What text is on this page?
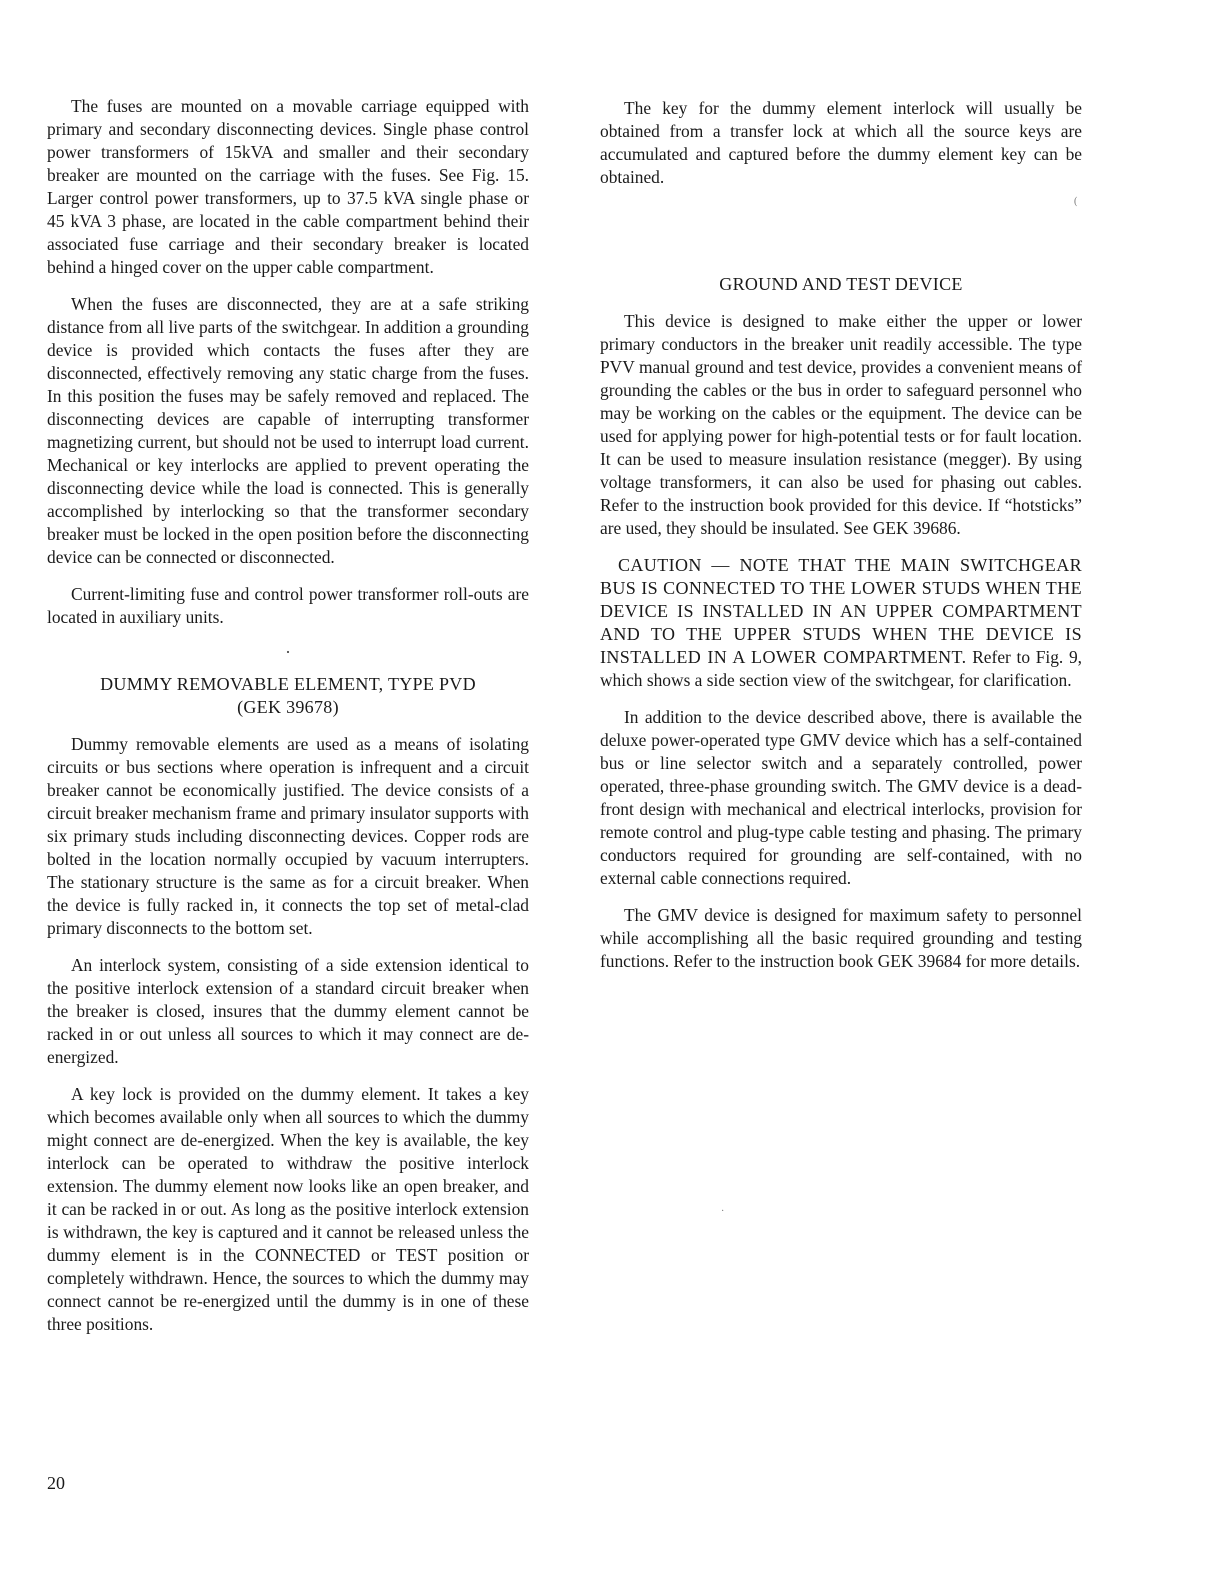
The fuses are mounted on a movable carriage equipped with primary and secondary disconnecting devices. Single phase control power transformers of 15kVA and smaller and their secondary breaker are mounted on the carriage with the fuses. See Fig. 15. Larger control power transformers, up to 37.5 kVA single phase or 45 kVA 3 phase, are located in the cable compartment behind their associated fuse carriage and their secondary breaker is located behind a hinged cover on the upper cable compartment.

When the fuses are disconnected, they are at a safe striking distance from all live parts of the switchgear. In addition a grounding device is provided which contacts the fuses after they are disconnected, effectively removing any static charge from the fuses. In this position the fuses may be safely removed and replaced. The disconnecting devices are capable of interrupting transformer magnetizing current, but should not be used to interrupt load current. Mechanical or key interlocks are applied to prevent operating the disconnecting device while the load is connected. This is generally accomplished by interlocking so that the transformer secondary breaker must be locked in the open position before the disconnecting device can be connected or disconnected.

Current-limiting fuse and control power transformer roll-outs are located in auxiliary units.

·
DUMMY REMOVABLE ELEMENT, TYPE PVD
(GEK 39678)

Dummy removable elements are used as a means of isolating circuits or bus sections where operation is infrequent and a circuit breaker cannot be economically justified. The device consists of a circuit breaker mechanism frame and primary insulator supports with six primary studs including disconnecting devices. Copper rods are bolted in the location normally occupied by vacuum interrupters. The stationary structure is the same as for a circuit breaker. When the device is fully racked in, it connects the top set of metal-clad primary disconnects to the bottom set.

An interlock system, consisting of a side extension identical to the positive interlock extension of a standard circuit breaker when the breaker is closed, insures that the dummy element cannot be racked in or out unless all sources to which it may connect are de-energized.

A key lock is provided on the dummy element. It takes a key which becomes available only when all sources to which the dummy might connect are de-energized. When the key is available, the key interlock can be operated to withdraw the positive interlock extension. The dummy element now looks like an open breaker, and it can be racked in or out. As long as the positive interlock extension is withdrawn, the key is captured and it cannot be released unless the dummy element is in the CONNECTED or TEST position or completely withdrawn. Hence, the sources to which the dummy may connect cannot be re-energized until the dummy is in one of these three positions.

The key for the dummy element interlock will usually be obtained from a transfer lock at which all the source keys are accumulated and captured before the dummy element key can be obtained.

GROUND AND TEST DEVICE

This device is designed to make either the upper or lower primary conductors in the breaker unit readily accessible. The type PVV manual ground and test device, provides a convenient means of grounding the cables or the bus in order to safeguard personnel who may be working on the cables or the equipment. The device can be used for applying power for high-potential tests or for fault location. It can be used to measure insulation resistance (megger). By using voltage transformers, it can also be used for phasing out cables. Refer to the instruction book provided for this device. If “hotsticks” are used, they should be insulated. See GEK 39686.

CAUTION — NOTE THAT THE MAIN SWITCHGEAR BUS IS CONNECTED TO THE LOWER STUDS WHEN THE DEVICE IS INSTALLED IN AN UPPER COMPARTMENT AND TO THE UPPER STUDS WHEN THE DEVICE IS INSTALLED IN A LOWER COMPARTMENT. Refer to Fig. 9, which shows a side section view of the switchgear, for clarification.

In addition to the device described above, there is available the deluxe power-operated type GMV device which has a self-contained bus or line selector switch and a separately controlled, power operated, three-phase grounding switch. The GMV device is a dead-front design with mechanical and electrical interlocks, provision for remote control and plug-type cable testing and phasing. The primary conductors required for grounding are self-contained, with no external cable connections required.

The GMV device is designed for maximum safety to personnel while accomplishing all the basic required grounding and testing functions. Refer to the instruction book GEK 39684 for more details.

(
·
20
